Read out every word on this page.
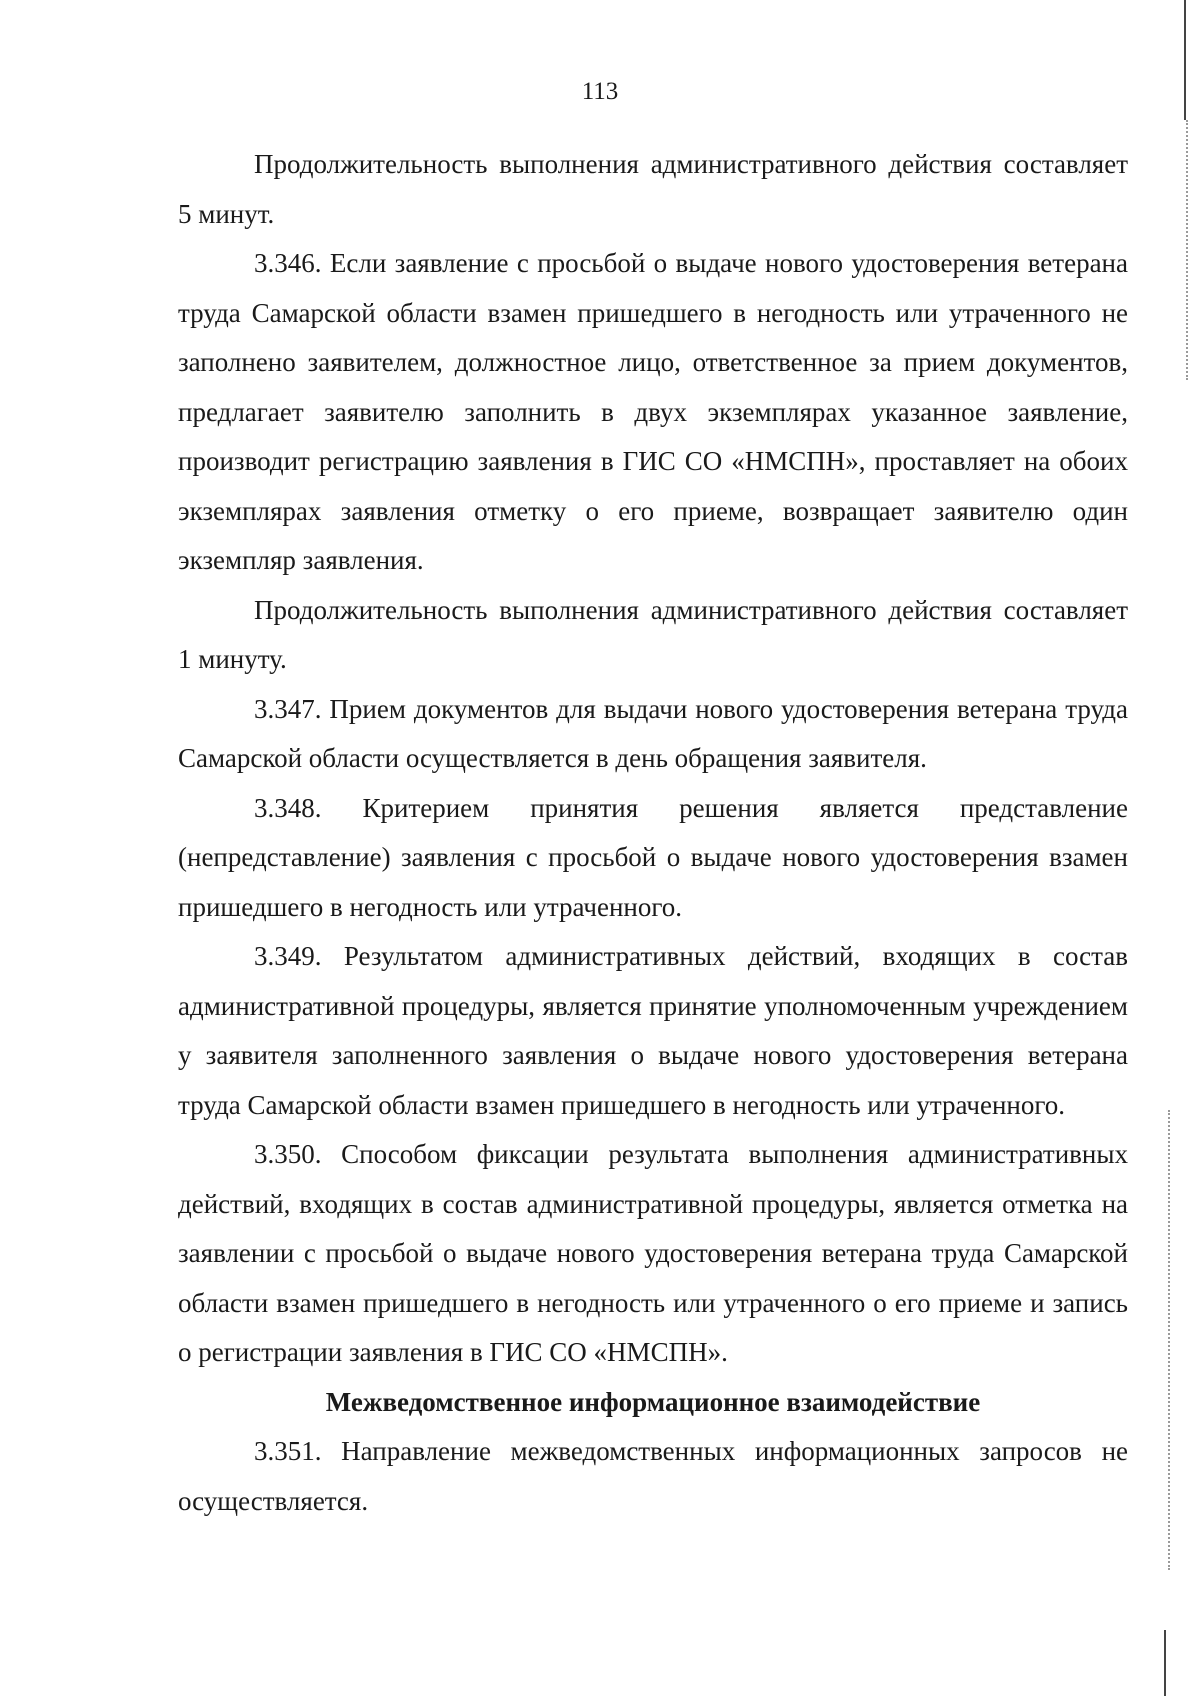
113

Продолжительность выполнения административного действия составляет 5 минут.

3.346. Если заявление с просьбой о выдаче нового удостоверения ветерана труда Самарской области взамен пришедшего в негодность или утраченного не заполнено заявителем, должностное лицо, ответственное за прием документов, предлагает заявителю заполнить в двух экземплярах указанное заявление, производит регистрацию заявления в ГИС СО «НМСПН», проставляет на обоих экземплярах заявления отметку о его приеме, возвращает заявителю один экземпляр заявления.

Продолжительность выполнения административного действия составляет 1 минуту.

3.347. Прием документов для выдачи нового удостоверения ветерана труда Самарской области осуществляется в день обращения заявителя.

3.348. Критерием принятия решения является представление (непредставление) заявления с просьбой о выдаче нового удостоверения взамен пришедшего в негодность или утраченного.

3.349. Результатом административных действий, входящих в состав административной процедуры, является принятие уполномоченным учреждением у заявителя заполненного заявления о выдаче нового удостоверения ветерана труда Самарской области взамен пришедшего в негодность или утраченного.

3.350. Способом фиксации результата выполнения административных действий, входящих в состав административной процедуры, является отметка на заявлении с просьбой о выдаче нового удостоверения ветерана труда Самарской области взамен пришедшего в негодность или утраченного о его приеме и запись о регистрации заявления в ГИС СО «НМСПН».

Межведомственное информационное взаимодействие

3.351. Направление межведомственных информационных запросов не осуществляется.
